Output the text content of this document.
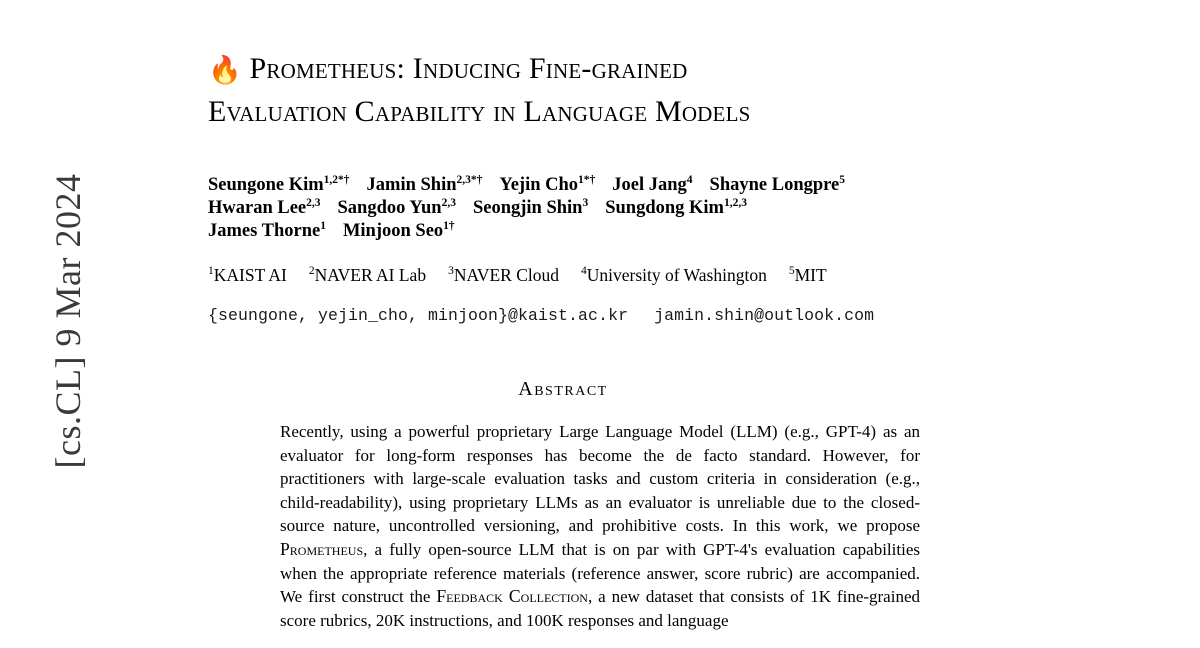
[cs.CL] 9 Mar 2024
🔥 Prometheus: Inducing Fine-grained
Evaluation Capability in Language Models
Seungone Kim$^{1,2*\dagger}$ Jamin Shin$^{2,3*\dagger}$ Yejin Cho$^{1*\dagger}$ Joel Jang$^4$ Shayne Longpre$^5$
Hwaran Lee$^{2,3}$ Sangdoo Yun$^{2,3}$ Seongjin Shin$^3$ Sungdong Kim$^{1,2,3}$
James Thorne$^1$ Minjoon Seo$^{1\dagger}$
$^1$KAIST AI $^2$NAVER AI Lab $^3$NAVER Cloud $^4$University of Washington $^5$MIT
{seungone, yejin_cho, minjoon}@kaist.ac.kr jamin.shin@outlook.com
Abstract
Recently, using a powerful proprietary Large Language Model (LLM) (e.g., GPT-4) as an evaluator for long-form responses has become the de facto standard. However, for practitioners with large-scale evaluation tasks and custom criteria in consideration (e.g., child-readability), using proprietary LLMs as an evaluator is unreliable due to the closed-source nature, uncontrolled versioning, and prohibitive costs. In this work, we propose Prometheus, a fully open-source LLM that is on par with GPT-4's evaluation capabilities when the appropriate reference materials (reference answer, score rubric) are accompanied. We first construct the Feedback Collection, a new dataset that consists of 1K fine-grained score rubrics, 20K instructions, and 100K responses and language
